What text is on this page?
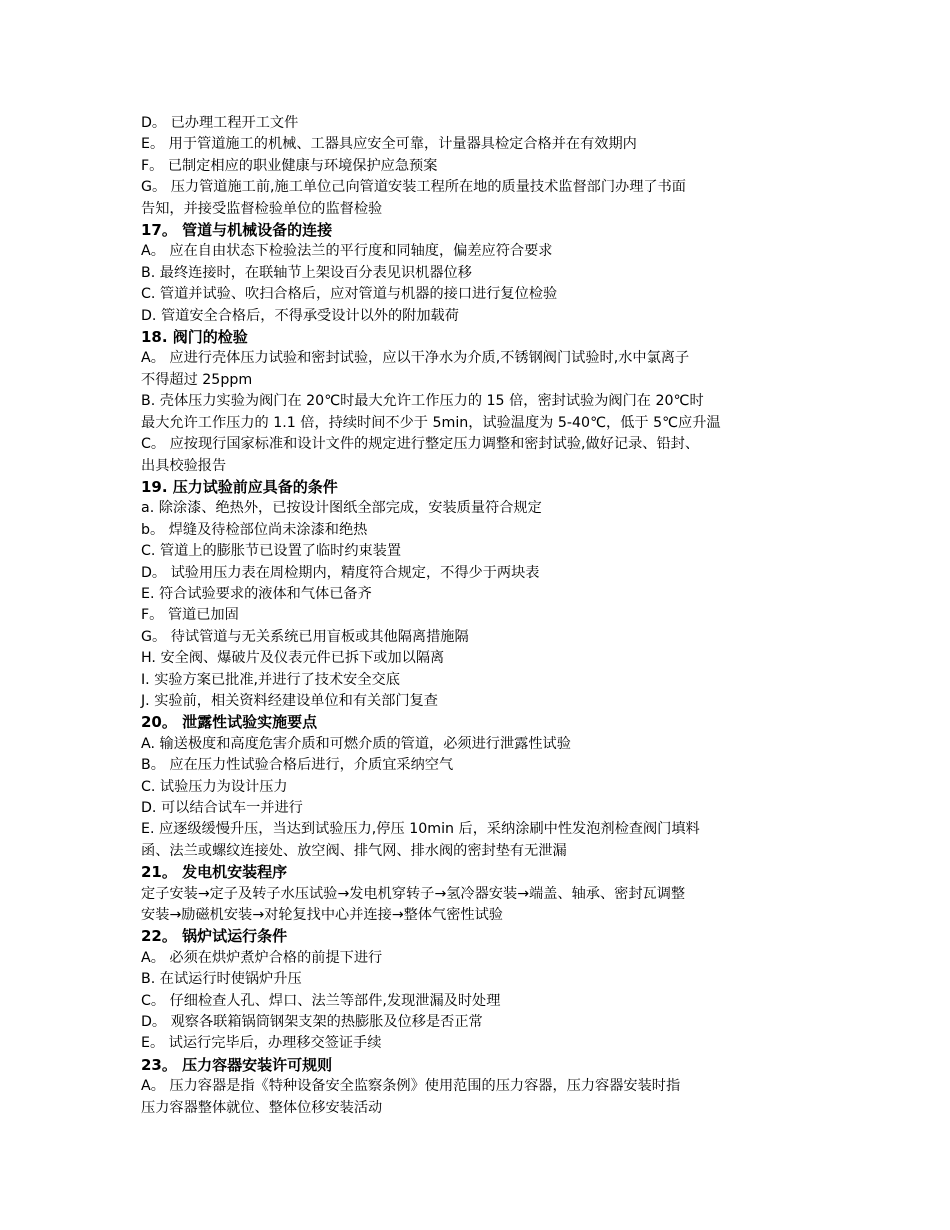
D。 已办理工程开工文件
E。 用于管道施工的机械、工器具应安全可靠，计量器具检定合格并在有效期内
F。 已制定相应的职业健康与环境保护应急预案
G。 压力管道施工前,施工单位己向管道安装工程所在地的质量技术监督部门办理了书面
告知，并接受监督检验单位的监督检验
17。 管道与机械设备的连接
A。 应在自由状态下检验法兰的平行度和同轴度，偏差应符合要求
B. 最终连接时，在联轴节上架设百分表见识机器位移
C. 管道并试验、吹扫合格后，应对管道与机器的接口进行复位检验
D. 管道安全合格后，不得承受设计以外的附加载荷
18. 阀门的检验
A。 应进行壳体压力试验和密封试验，应以干净水为介质,不锈钢阀门试验时,水中氯离子
不得超过 25ppm
B. 壳体压力实验为阀门在 20℃时最大允许工作压力的 15 倍，密封试验为阀门在 20℃时
最大允许工作压力的 1.1 倍，持续时间不少于 5min，试验温度为 5-40℃，低于 5℃应升温
C。 应按现行国家标准和设计文件的规定进行整定压力调整和密封试验,做好记录、铅封、
出具校验报告
19. 压力试验前应具备的条件
a. 除涂漆、绝热外，已按设计图纸全部完成，安装质量符合规定
b。 焊缝及待检部位尚未涂漆和绝热
C. 管道上的膨胀节已设置了临时约束装置
D。 试验用压力表在周检期内，精度符合规定，不得少于两块表
E. 符合试验要求的液体和气体已备齐
F。 管道已加固
G。 待试管道与无关系统已用盲板或其他隔离措施隔
H. 安全阀、爆破片及仪表元件已拆下或加以隔离
I. 实验方案已批准,并进行了技术安全交底
J. 实验前，相关资料经建设单位和有关部门复查
20。 泄露性试验实施要点
A. 输送极度和高度危害介质和可燃介质的管道，必须进行泄露性试验
B。 应在压力性试验合格后进行，介质宜采纳空气
C. 试验压力为设计压力
D. 可以结合试车一并进行
E. 应逐级缓慢升压，当达到试验压力,停压 10min 后，采纳涂刷中性发泡剂检查阀门填料
函、法兰或螺纹连接处、放空阀、排气网、排水阀的密封垫有无泄漏
21。 发电机安装程序
定子安装→定子及转子水压试验→发电机穿转子→氢冷器安装→端盖、轴承、密封瓦调整
安装→励磁机安装→对轮复找中心并连接→整体气密性试验
22。 锅炉试运行条件
A。 必须在烘炉煮炉合格的前提下进行
B. 在试运行时使锅炉升压
C。 仔细检查人孔、焊口、法兰等部件,发现泄漏及时处理
D。 观察各联箱锅筒钢架支架的热膨胀及位移是否正常
E。 试运行完毕后，办理移交签证手续
23。 压力容器安装许可规则
A。 压力容器是指《特种设备安全监察条例》使用范围的压力容器，压力容器安装时指
压力容器整体就位、整体位移安装活动
